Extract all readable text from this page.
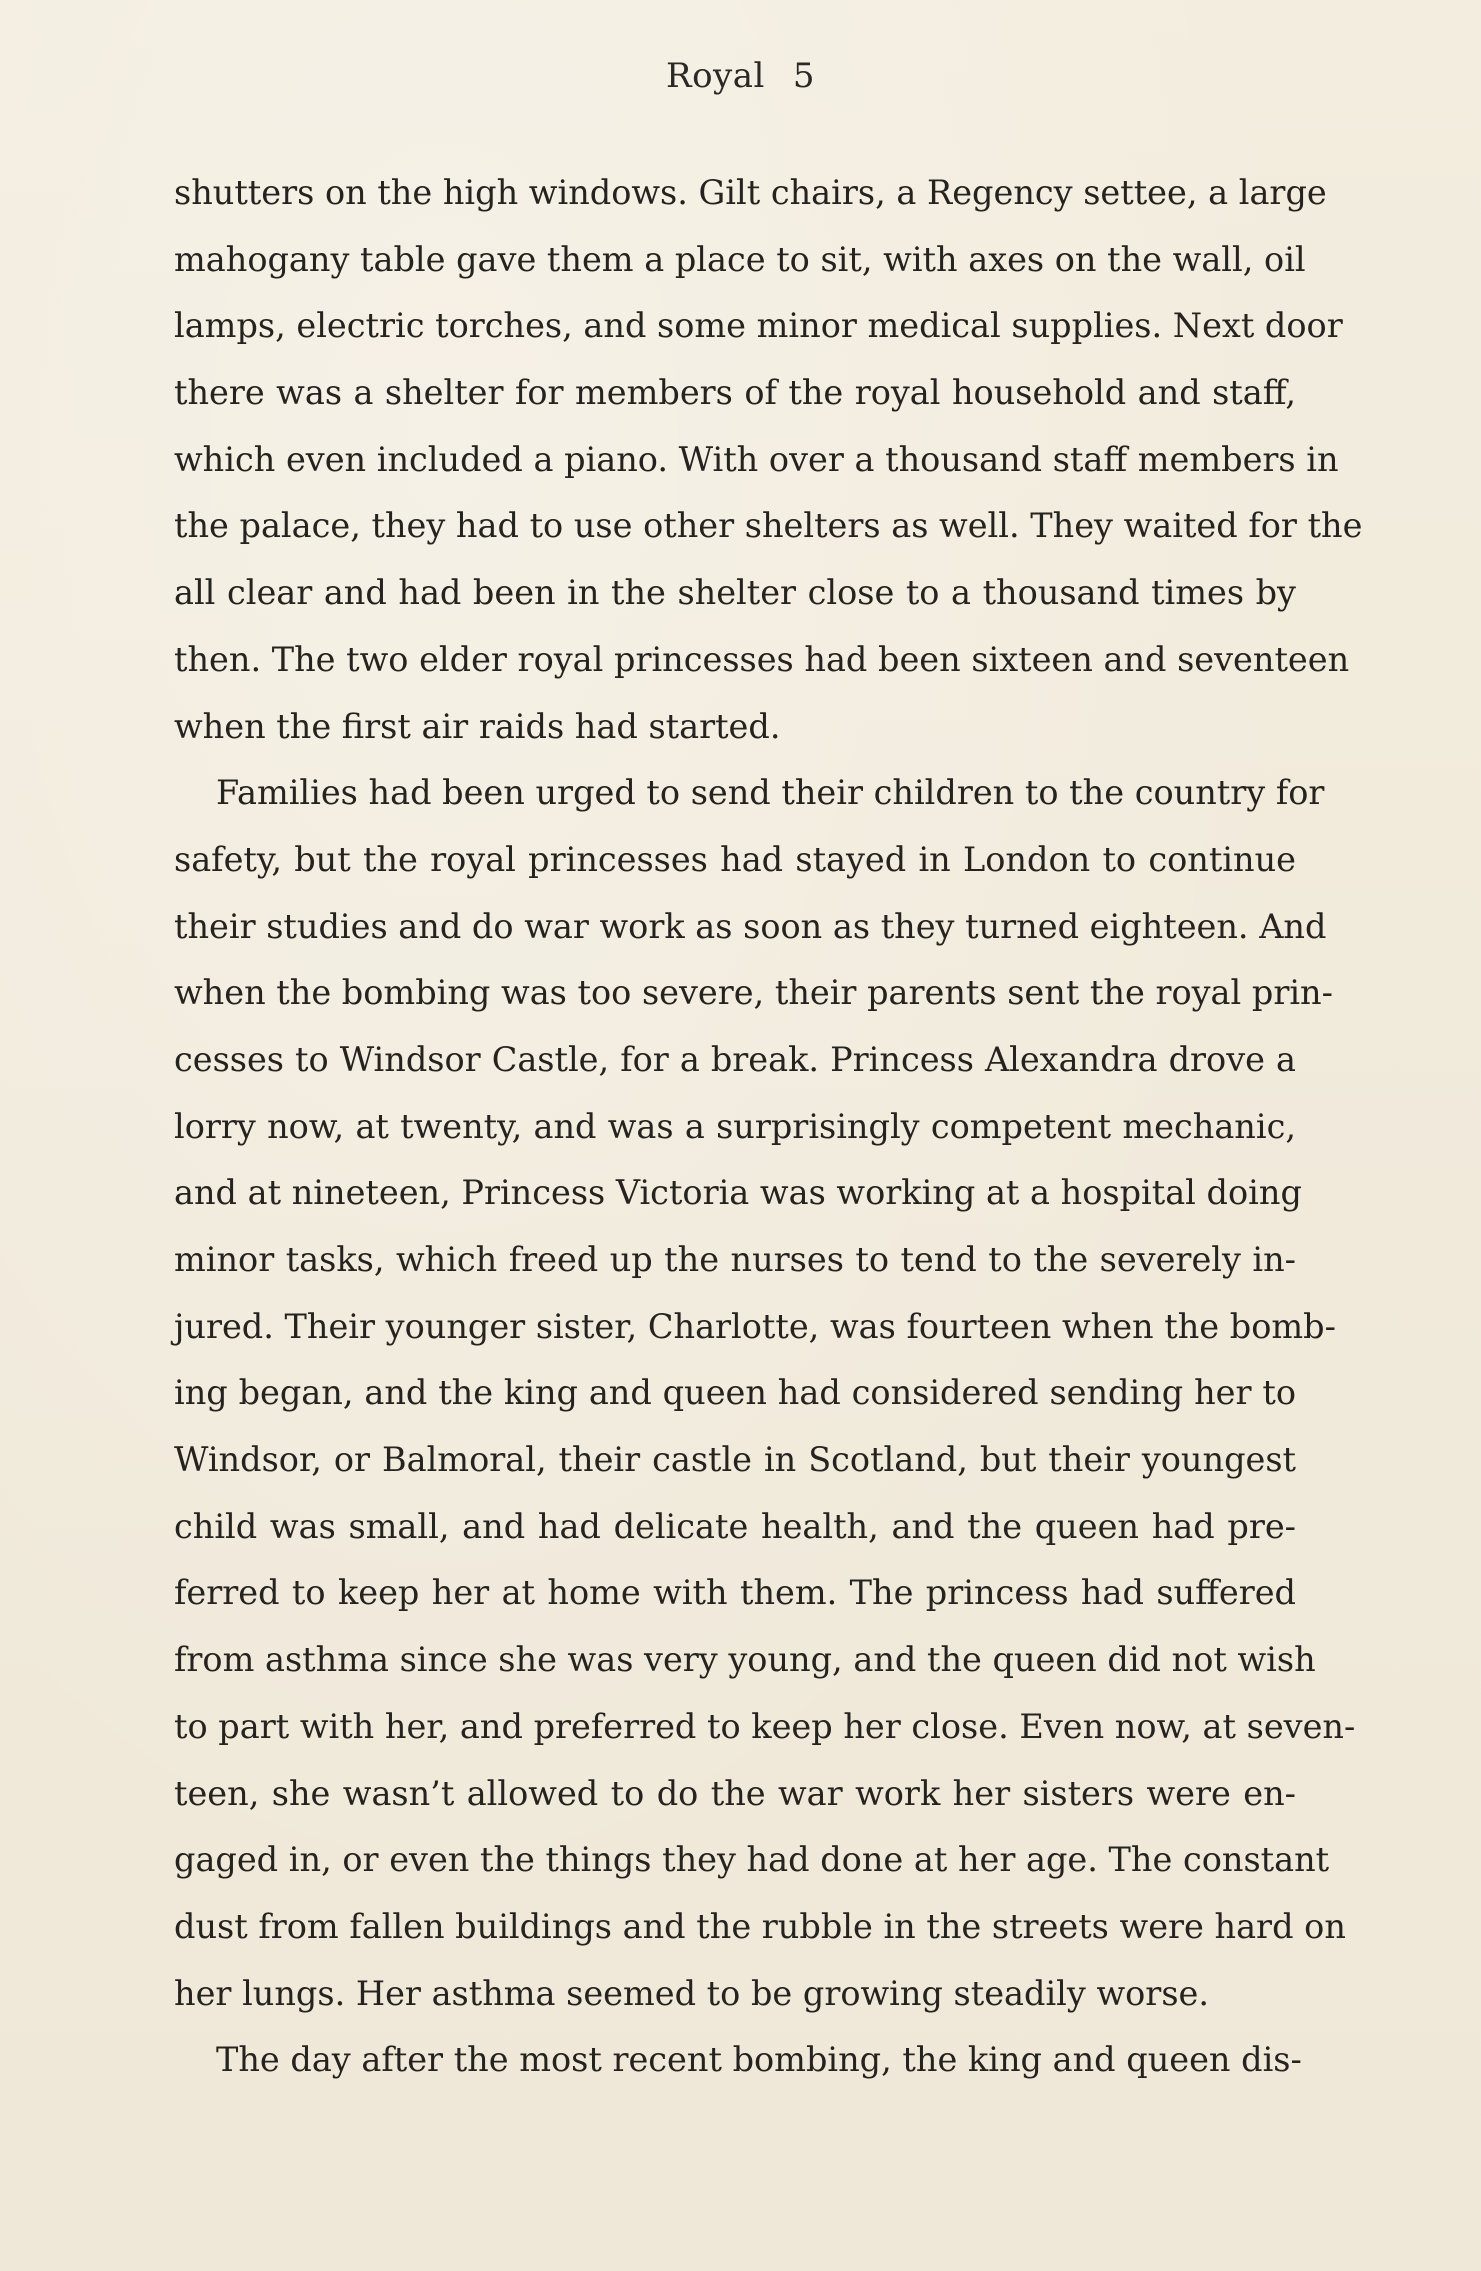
Royal 5
shutters on the high windows. Gilt chairs, a Regency settee, a large
mahogany table gave them a place to sit, with axes on the wall, oil
lamps, electric torches, and some minor medical supplies. Next door
there was a shelter for members of the royal household and staff,
which even included a piano. With over a thousand staff members in
the palace, they had to use other shelters as well. They waited for the
all clear and had been in the shelter close to a thousand times by
then. The two elder royal princesses had been sixteen and seventeen
when the first air raids had started.
Families had been urged to send their children to the country for
safety, but the royal princesses had stayed in London to continue
their studies and do war work as soon as they turned eighteen. And
when the bombing was too severe, their parents sent the royal prin-
cesses to Windsor Castle, for a break. Princess Alexandra drove a
lorry now, at twenty, and was a surprisingly competent mechanic,
and at nineteen, Princess Victoria was working at a hospital doing
minor tasks, which freed up the nurses to tend to the severely in-
jured. Their younger sister, Charlotte, was fourteen when the bomb-
ing began, and the king and queen had considered sending her to
Windsor, or Balmoral, their castle in Scotland, but their youngest
child was small, and had delicate health, and the queen had pre-
ferred to keep her at home with them. The princess had suffered
from asthma since she was very young, and the queen did not wish
to part with her, and preferred to keep her close. Even now, at seven-
teen, she wasn’t allowed to do the war work her sisters were en-
gaged in, or even the things they had done at her age. The constant
dust from fallen buildings and the rubble in the streets were hard on
her lungs. Her asthma seemed to be growing steadily worse.
The day after the most recent bombing, the king and queen dis-
